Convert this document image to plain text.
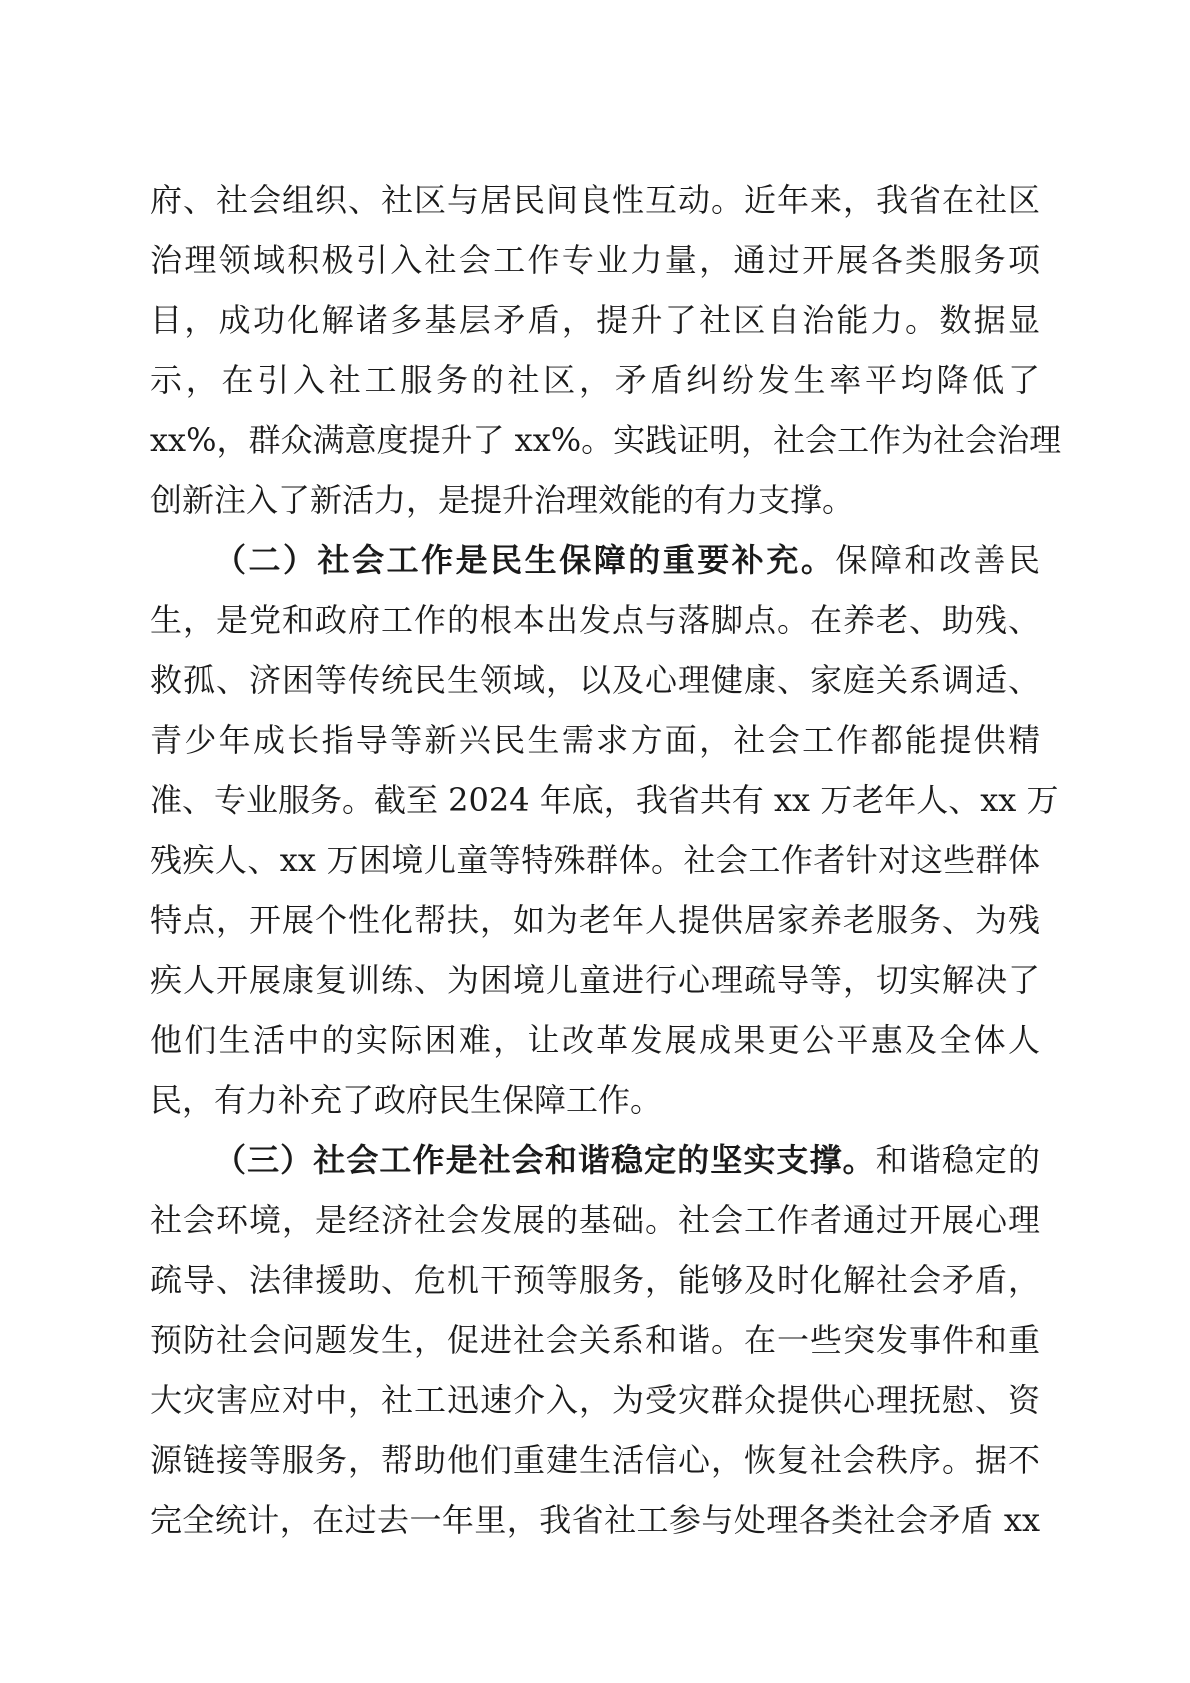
府、社会组织、社区与居民间良性互动。近年来，我省在社区
治理领域积极引入社会工作专业力量，通过开展各类服务项
目，成功化解诸多基层矛盾，提升了社区自治能力。数据显
示，在引入社工服务的社区，矛盾纠纷发生率平均降低了
xx%，群众满意度提升了 xx%。实践证明，社会工作为社会治理
创新注入了新活力，是提升治理效能的有力支撑。
（二）社会工作是民生保障的重要补充。保障和改善民
生，是党和政府工作的根本出发点与落脚点。在养老、助残、
救孤、济困等传统民生领域，以及心理健康、家庭关系调适、
青少年成长指导等新兴民生需求方面，社会工作都能提供精
准、专业服务。截至 2024 年底，我省共有 xx 万老年人、xx 万
残疾人、xx 万困境儿童等特殊群体。社会工作者针对这些群体
特点，开展个性化帮扶，如为老年人提供居家养老服务、为残
疾人开展康复训练、为困境儿童进行心理疏导等，切实解决了
他们生活中的实际困难，让改革发展成果更公平惠及全体人
民，有力补充了政府民生保障工作。
（三）社会工作是社会和谐稳定的坚实支撑。和谐稳定的
社会环境，是经济社会发展的基础。社会工作者通过开展心理
疏导、法律援助、危机干预等服务，能够及时化解社会矛盾，
预防社会问题发生，促进社会关系和谐。在一些突发事件和重
大灾害应对中，社工迅速介入，为受灾群众提供心理抚慰、资
源链接等服务，帮助他们重建生活信心，恢复社会秩序。据不
完全统计，在过去一年里，我省社工参与处理各类社会矛盾 xx
